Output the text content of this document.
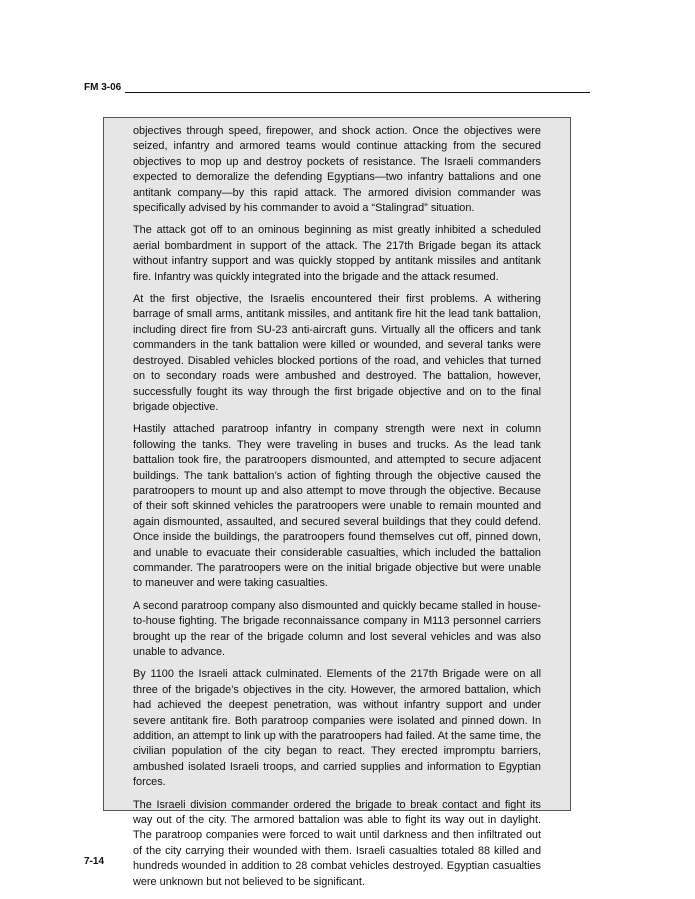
FM 3-06

objectives through speed, firepower, and shock action. Once the objectives were seized, infantry and armored teams would continue attacking from the secured objectives to mop up and destroy pockets of resistance. The Israeli commanders expected to demoralize the defending Egyptians—two infantry battalions and one antitank company—by this rapid attack. The armored division commander was specifically advised by his commander to avoid a “Stalingrad” situation.

The attack got off to an ominous beginning as mist greatly inhibited a scheduled aerial bombardment in support of the attack. The 217th Brigade began its attack without infantry support and was quickly stopped by antitank missiles and antitank fire. Infantry was quickly integrated into the brigade and the attack resumed.

At the first objective, the Israelis encountered their first problems. A withering barrage of small arms, antitank missiles, and antitank fire hit the lead tank battalion, including direct fire from SU-23 anti-aircraft guns. Virtually all the officers and tank commanders in the tank battalion were killed or wounded, and several tanks were destroyed. Disabled vehicles blocked portions of the road, and vehicles that turned on to secondary roads were ambushed and destroyed. The battalion, however, successfully fought its way through the first brigade objective and on to the final brigade objective.

Hastily attached paratroop infantry in company strength were next in column following the tanks. They were traveling in buses and trucks. As the lead tank battalion took fire, the paratroopers dismounted, and attempted to secure adjacent buildings. The tank battalion’s action of fighting through the objective caused the paratroopers to mount up and also attempt to move through the objective. Because of their soft skinned vehicles the paratroopers were unable to remain mounted and again dismounted, assaulted, and secured several buildings that they could defend. Once inside the buildings, the paratroopers found themselves cut off, pinned down, and unable to evacuate their considerable casualties, which included the battalion commander. The paratroopers were on the initial brigade objective but were unable to maneuver and were taking casualties.

A second paratroop company also dismounted and quickly became stalled in house-to-house fighting. The brigade reconnaissance company in M113 personnel carriers brought up the rear of the brigade column and lost several vehicles and was also unable to advance.

By 1100 the Israeli attack culminated. Elements of the 217th Brigade were on all three of the brigade’s objectives in the city. However, the armored battalion, which had achieved the deepest penetration, was without infantry support and under severe antitank fire. Both paratroop companies were isolated and pinned down. In addition, an attempt to link up with the paratroopers had failed. At the same time, the civilian population of the city began to react. They erected impromptu barriers, ambushed isolated Israeli troops, and carried supplies and information to Egyptian forces.

The Israeli division commander ordered the brigade to break contact and fight its way out of the city. The armored battalion was able to fight its way out in daylight. The paratroop companies were forced to wait until darkness and then infiltrated out of the city carrying their wounded with them. Israeli casualties totaled 88 killed and hundreds wounded in addition to 28 combat vehicles destroyed. Egyptian casualties were unknown but not believed to be significant.

7-14
